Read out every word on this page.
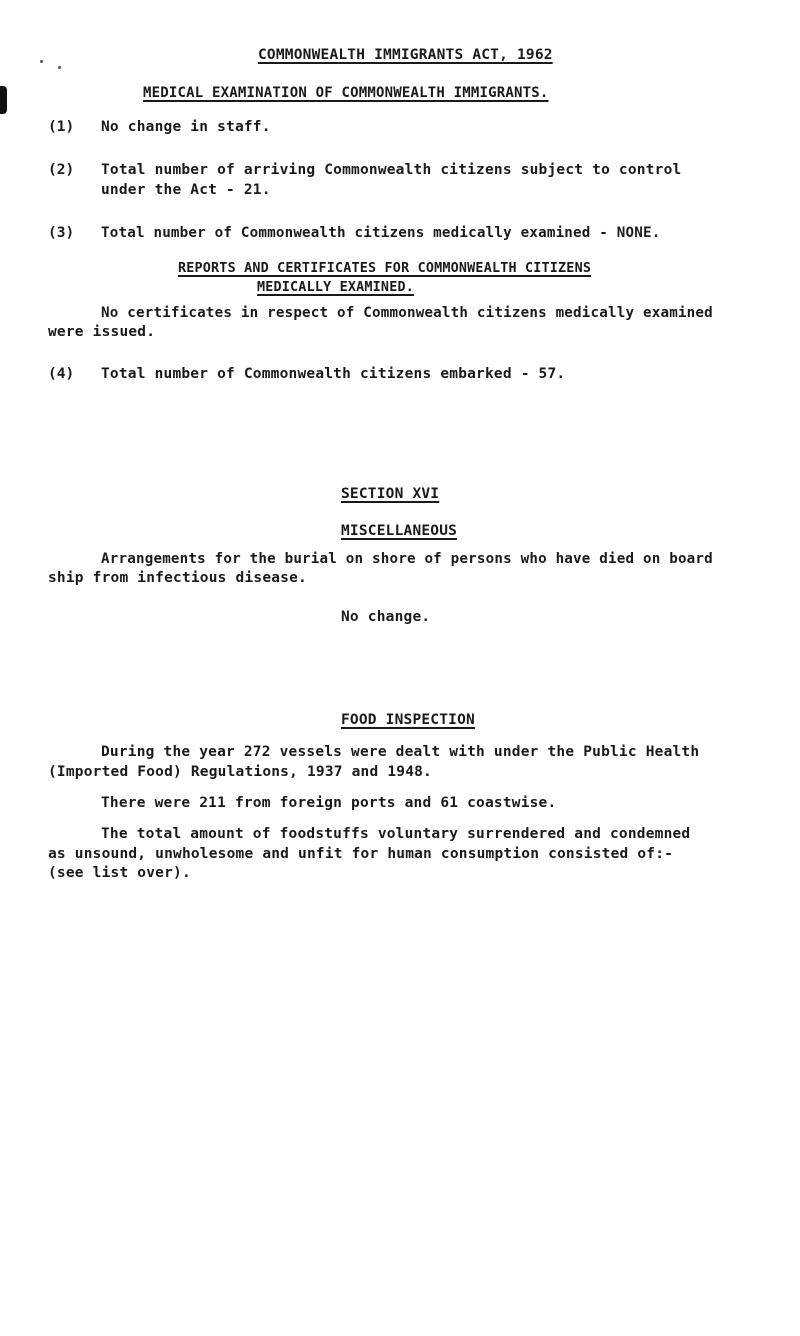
COMMONWEALTH IMMIGRANTS ACT, 1962
MEDICAL EXAMINATION OF COMMONWEALTH IMMIGRANTS.
(1) No change in staff.
(2) Total number of arriving Commonwealth citizens subject to control
under the Act - 21.
(3) Total number of Commonwealth citizens medically examined - NONE.
REPORTS AND CERTIFICATES FOR COMMONWEALTH CITIZENS
MEDICALLY EXAMINED.
No certificates in respect of Commonwealth citizens medically examined
were issued.
(4) Total number of Commonwealth citizens embarked - 57.
SECTION XVI
MISCELLANEOUS
Arrangements for the burial on shore of persons who have died on board
ship from infectious disease.
No change.
FOOD INSPECTION
During the year 272 vessels were dealt with under the Public Health
(Imported Food) Regulations, 1937 and 1948.
There were 211 from foreign ports and 61 coastwise.
The total amount of foodstuffs voluntary surrendered and condemned
as unsound, unwholesome and unfit for human consumption consisted of:-
(see list over).
